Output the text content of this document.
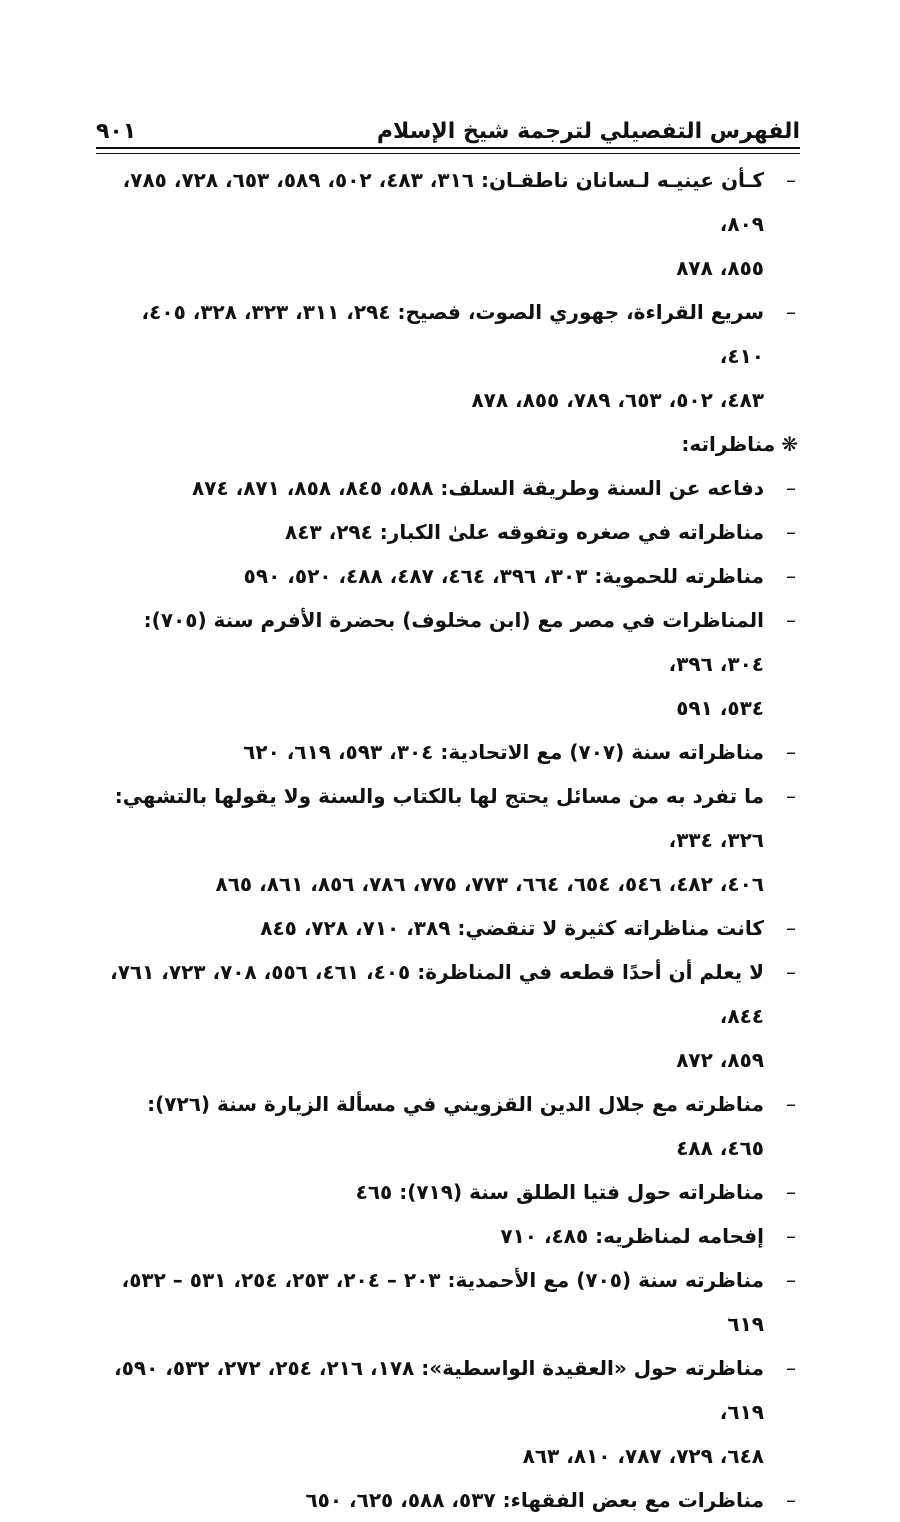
الفهرس التفصيلي لترجمة شيخ الإسلام
٩٠١
–
كـأن عينيـه لـسانان ناطقـان: ٣١٦، ٤٨٣، ٥٠٢، ٥٨٩، ٦٥٣، ٧٢٨، ٧٨٥، ٨٠٩،
٨٥٥، ٨٧٨
–
سريع القراءة، جهوري الصوت، فصيح: ٢٩٤، ٣١١، ٣٢٣، ٣٢٨، ٤٠٥، ٤١٠،
٤٨٣، ٥٠٢، ٦٥٣، ٧٨٩، ٨٥٥، ٨٧٨
❋مناظراته:
–
دفاعه عن السنة وطريقة السلف: ٥٨٨، ٨٤٥، ٨٥٨، ٨٧١، ٨٧٤
–
مناظراته في صغره وتفوقه علىٰ الكبار: ٢٩٤، ٨٤٣
–
مناظرته للحموية: ٣٠٣، ٣٩٦، ٤٦٤، ٤٨٧، ٤٨٨، ٥٢٠، ٥٩٠
–
المناظرات في مصر مع (ابن مخلوف) بحضرة الأفرم سنة (٧٠٥): ٣٠٤، ٣٩٦،
٥٣٤، ٥٩١
–
مناظراته سنة (٧٠٧) مع الاتحادية: ٣٠٤، ٥٩٣، ٦١٩، ٦٢٠
–
ما تفرد به من مسائل يحتج لها بالكتاب والسنة ولا يقولها بالتشهي: ٣٢٦، ٣٣٤،
٤٠٦، ٤٨٢، ٥٤٦، ٦٥٤، ٦٦٤، ٧٧٣، ٧٧٥، ٧٨٦، ٨٥٦، ٨٦١، ٨٦٥
–
كانت مناظراته كثيرة لا تنقضي: ٣٨٩، ٧١٠، ٧٢٨، ٨٤٥
–
لا يعلم أن أحدًا قطعه في المناظرة: ٤٠٥، ٤٦١، ٥٥٦، ٧٠٨، ٧٢٣، ٧٦١، ٨٤٤،
٨٥٩، ٨٧٢
–
مناظرته مع جلال الدين القزويني في مسألة الزيارة سنة (٧٢٦): ٤٦٥، ٤٨٨
–
مناظراته حول فتيا الطلق سنة (٧١٩): ٤٦٥
–
إفحامه لمناظريه: ٤٨٥، ٧١٠
–
مناظرته سنة (٧٠٥) مع الأحمدية: ٢٠٣ – ٢٠٤، ٢٥٣، ٢٥٤، ٥٣١ – ٥٣٢، ٦١٩
–
مناظرته حول «العقيدة الواسطية»: ١٧٨، ٢١٦، ٢٥٤، ٢٧٢، ٥٣٢، ٥٩٠، ٦١٩،
٦٤٨، ٧٢٩، ٧٨٧، ٨١٠، ٨٦٣
–
مناظرات مع بعض الفقهاء: ٥٣٧، ٥٨٨، ٦٢٥، ٦٥٠
